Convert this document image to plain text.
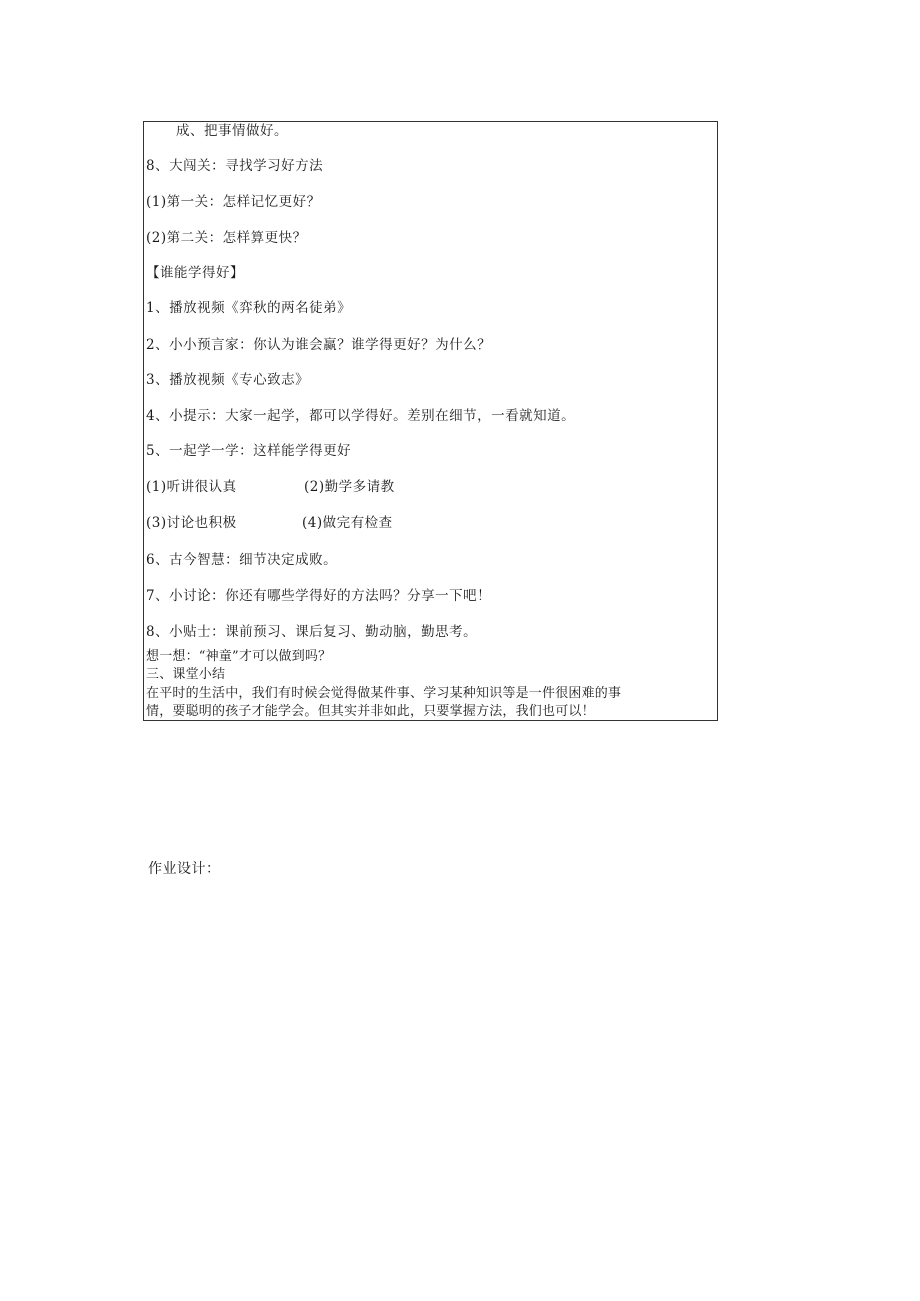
成、把事情做好。
8、大闯关：寻找学习好方法
(1)第一关：怎样记忆更好？
(2)第二关：怎样算更快？
【谁能学得好】
1、播放视频《弈秋的两名徒弟》
2、小小预言家：你认为谁会赢？谁学得更好？为什么？
3、播放视频《专心致志》
4、小提示：大家一起学，都可以学得好。差别在细节，一看就知道。
5、一起学一学：这样能学得更好
(1)听讲很认真	(2)勤学多请教
(3)讨论也积极	(4)做完有检查
6、古今智慧：细节决定成败。
7、小讨论：你还有哪些学得好的方法吗？分享一下吧！
8、小贴士：课前预习、课后复习、勤动脑，勤思考。
想一想：“神童”才可以做到吗？
三、课堂小结
在平时的生活中，我们有时候会觉得做某件事、学习某种知识等是一件很困难的事
情，要聪明的孩子才能学会。但其实并非如此，只要掌握方法，我们也可以！
作业设计：
